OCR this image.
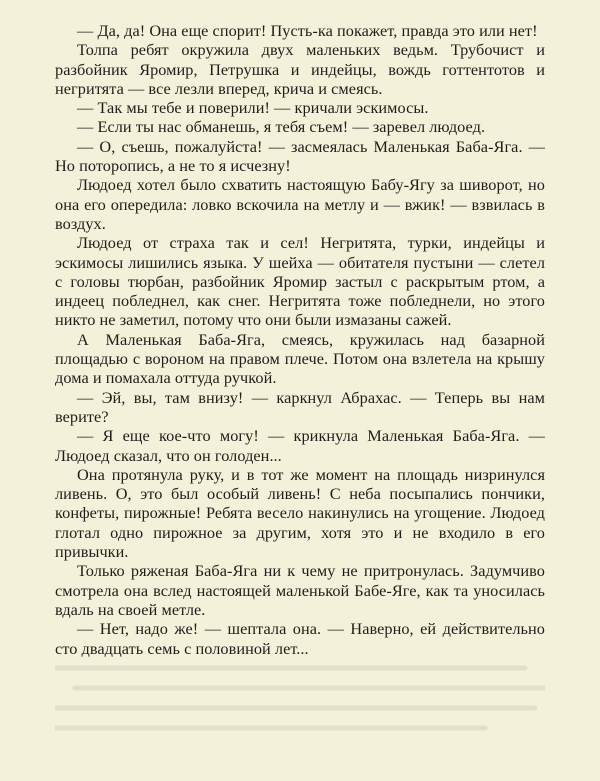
— Да, да! Она еще спорит! Пусть-ка покажет, правда это или нет!

Толпа ребят окружила двух маленьких ведьм. Трубочист и разбойник Яромир, Петрушка и индейцы, вождь готтентотов и негритята — все лезли вперед, крича и смеясь.

— Так мы тебе и поверили! — кричали эскимосы.

— Если ты нас обманешь, я тебя съем! — заревел людоед.

— О, съешь, пожалуйста! — засмеялась Маленькая Баба-Яга. — Но поторопись, а не то я исчезну!

Людоед хотел было схватить настоящую Бабу-Ягу за шиворот, но она его опередила: ловко вскочила на метлу и — вжик! — взвилась в воздух.

Людоед от страха так и сел! Негритята, турки, индейцы и эскимосы лишились языка. У шейха — обитателя пустыни — слетел с головы тюрбан, разбойник Яромир застыл с раскрытым ртом, а индеец побледнел, как снег. Негритята тоже побледнели, но этого никто не заметил, потому что они были измазаны сажей.

А Маленькая Баба-Яга, смеясь, кружилась над базарной площадью с вороном на правом плече. Потом она взлетела на крышу дома и помахала оттуда ручкой.

— Эй, вы, там внизу! — каркнул Абрахас. — Теперь вы нам верите?

— Я еще кое-что могу! — крикнула Маленькая Баба-Яга. — Людоед сказал, что он голоден...

Она протянула руку, и в тот же момент на площадь низринулся ливень. О, это был особый ливень! С неба посыпались пончики, конфеты, пирожные! Ребята весело накинулись на угощение. Людоед глотал одно пирожное за другим, хотя это и не входило в его привычки.

Только ряженая Баба-Яга ни к чему не притронулась. Задумчиво смотрела она вслед настоящей маленькой Бабе-Яге, как та уносилась вдаль на своей метле.

— Нет, надо же! — шептала она. — Наверно, ей действительно сто двадцать семь с половиной лет...
